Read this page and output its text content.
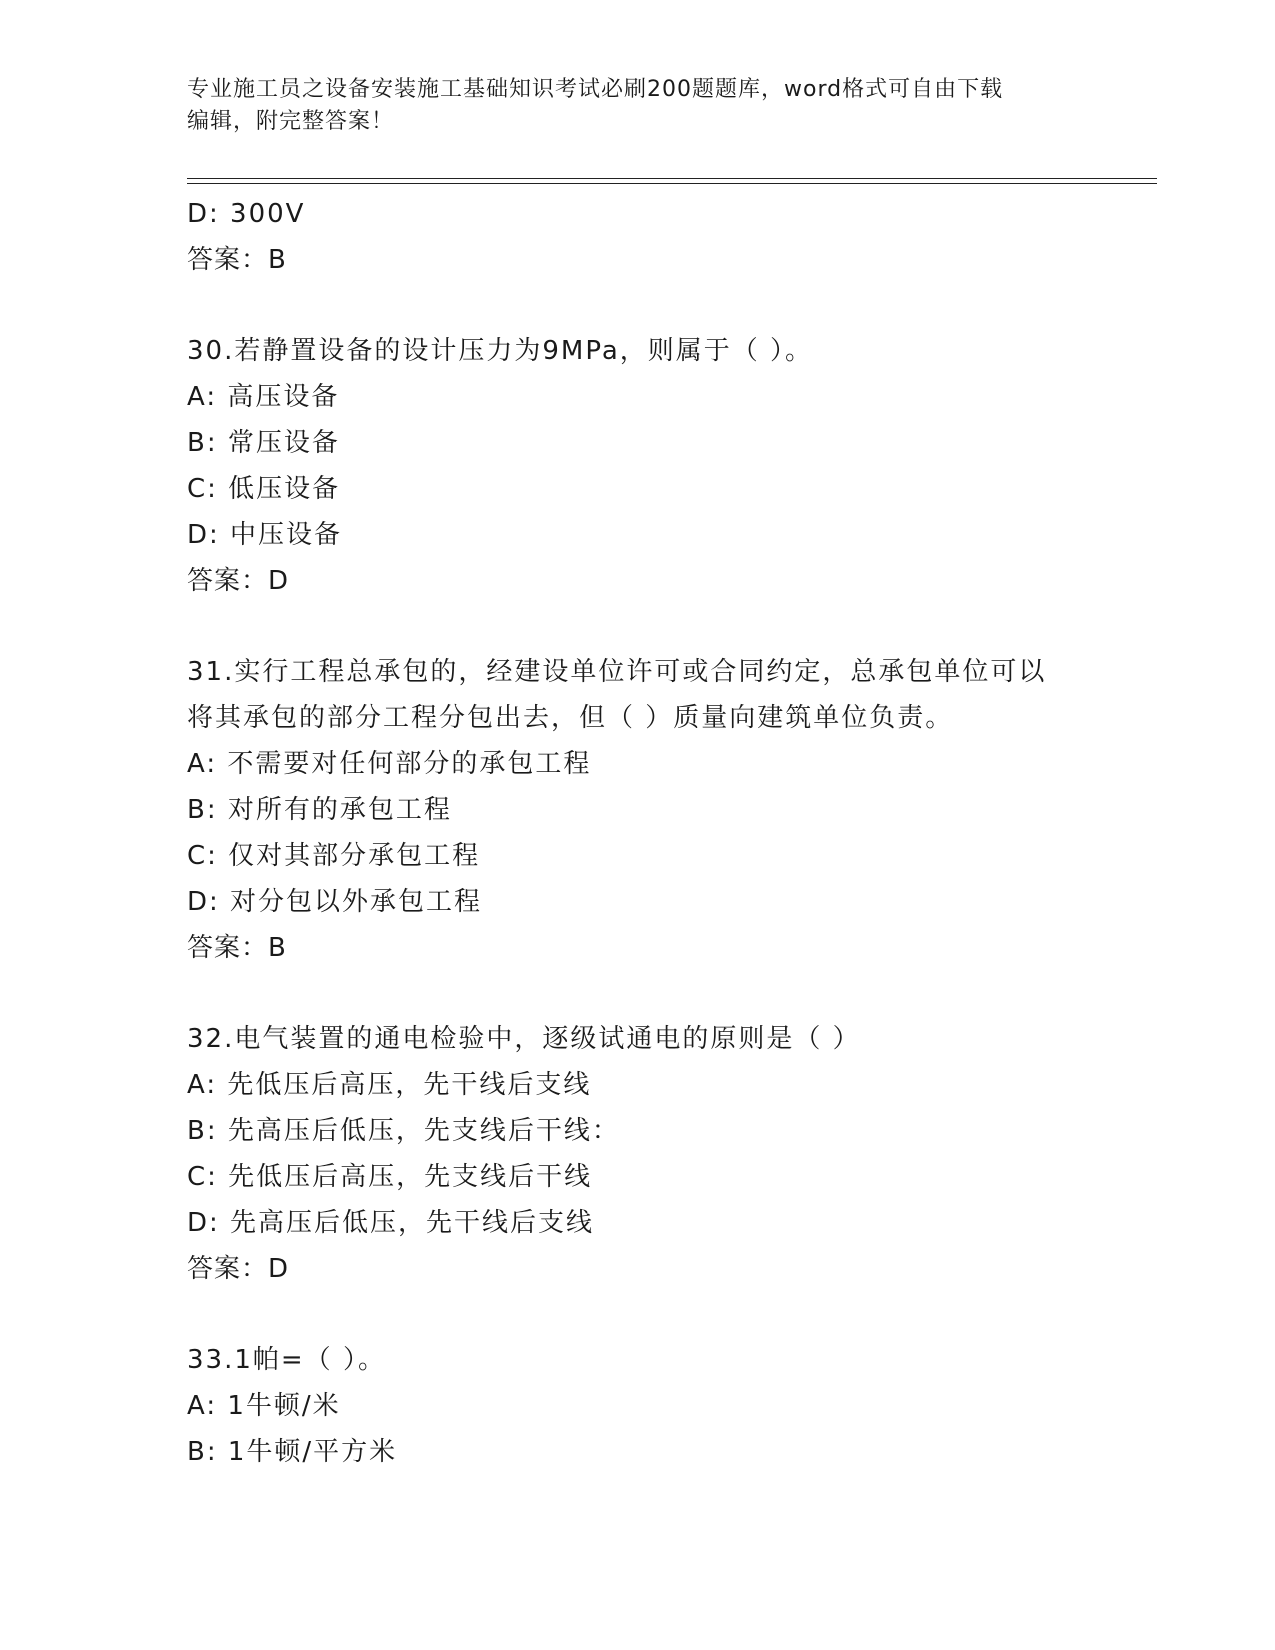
专业施工员之设备安装施工基础知识考试必刷200题题库，word格式可自由下载
编辑，附完整答案！
D: 300V
答案：B
30.若静置设备的设计压力为9MPa，则属于（ ）。
A: 高压设备
B: 常压设备
C: 低压设备
D: 中压设备
答案：D
31.实行工程总承包的，经建设单位许可或合同约定，总承包单位可以
将其承包的部分工程分包出去，但（ ）质量向建筑单位负责。
A: 不需要对任何部分的承包工程
B: 对所有的承包工程
C: 仅对其部分承包工程
D: 对分包以外承包工程
答案：B
32.电气装置的通电检验中，逐级试通电的原则是（ ）
A: 先低压后高压，先干线后支线
B: 先高压后低压，先支线后干线：
C: 先低压后高压，先支线后干线
D: 先高压后低压，先干线后支线
答案：D
33.1帕=（ ）。
A: 1牛顿/米
B: 1牛顿/平方米
